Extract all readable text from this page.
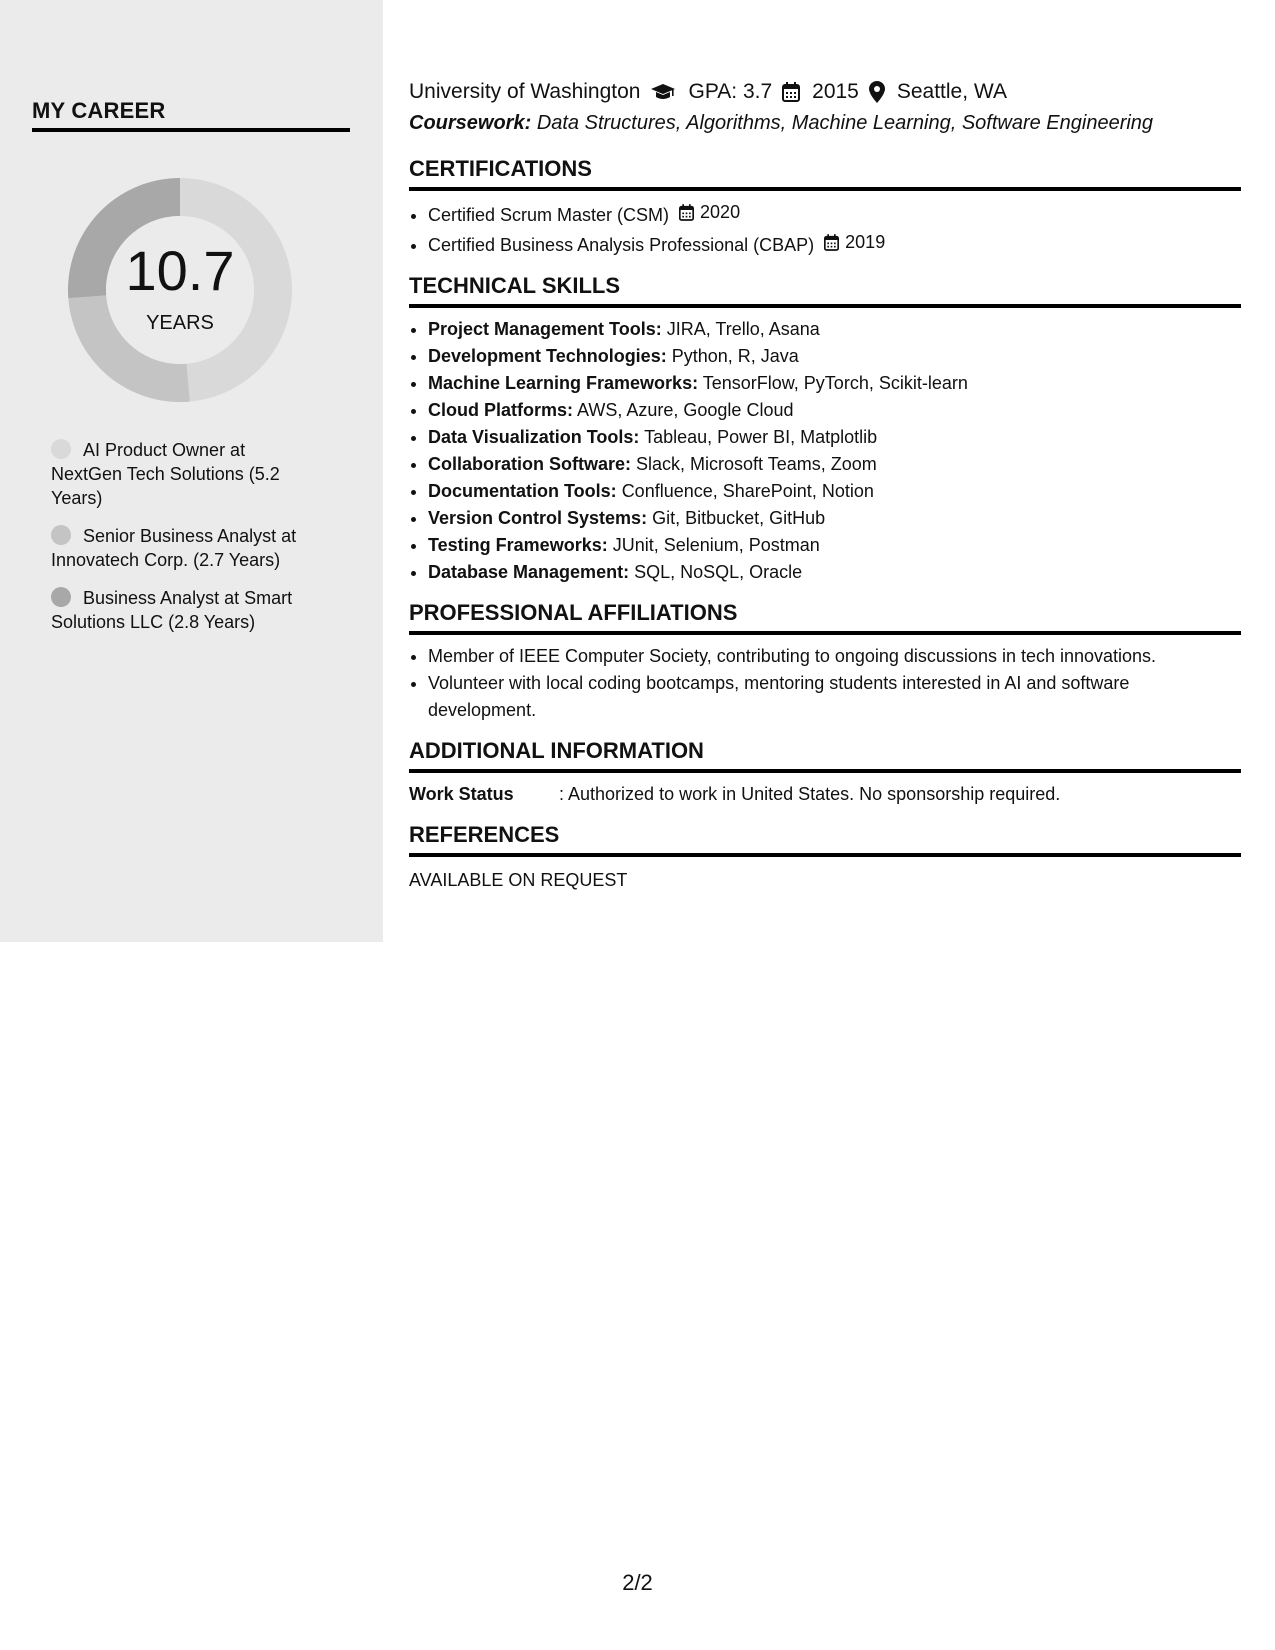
MY CAREER
10.7
YEARS
AI Product Owner at NextGen Tech Solutions (5.2 Years)
Senior Business Analyst at Innovatech Corp. (2.7 Years)
Business Analyst at Smart Solutions LLC (2.8 Years)
University of Washington GPA: 3.7 2015 Seattle, WA
Coursework: Data Structures, Algorithms, Machine Learning, Software Engineering
CERTIFICATIONS
• Certified Scrum Master (CSM) 2020
• Certified Business Analysis Professional (CBAP) 2019
TECHNICAL SKILLS
• Project Management Tools: JIRA, Trello, Asana
• Development Technologies: Python, R, Java
• Machine Learning Frameworks: TensorFlow, PyTorch, Scikit-learn
• Cloud Platforms: AWS, Azure, Google Cloud
• Data Visualization Tools: Tableau, Power BI, Matplotlib
• Collaboration Software: Slack, Microsoft Teams, Zoom
• Documentation Tools: Confluence, SharePoint, Notion
• Version Control Systems: Git, Bitbucket, GitHub
• Testing Frameworks: JUnit, Selenium, Postman
• Database Management: SQL, NoSQL, Oracle
PROFESSIONAL AFFILIATIONS
• Member of IEEE Computer Society, contributing to ongoing discussions in tech innovations.
• Volunteer with local coding bootcamps, mentoring students interested in AI and software development.
ADDITIONAL INFORMATION
Work Status	: Authorized to work in United States. No sponsorship required.
REFERENCES
AVAILABLE ON REQUEST
2/2
